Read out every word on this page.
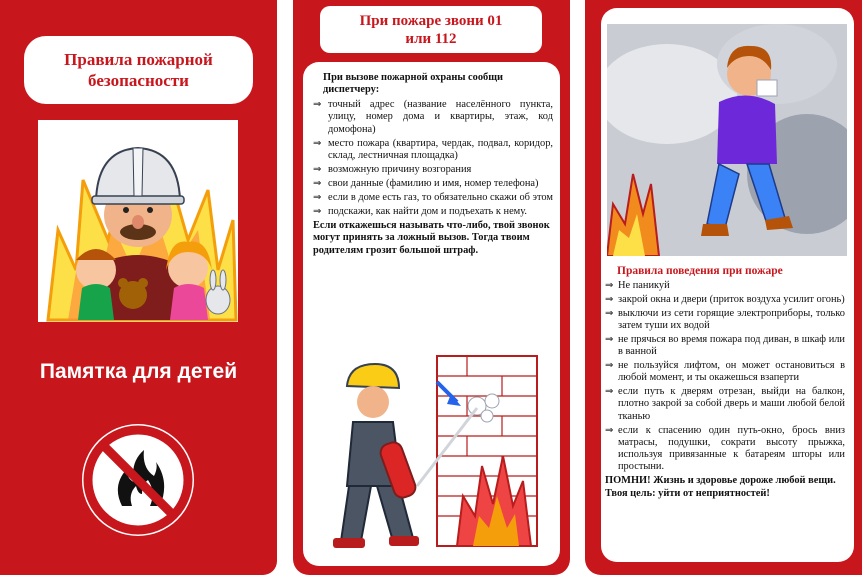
Правила пожарной
безопасности
Памятка для детей
При пожаре звони 01
или 112
При вызове пожарной охраны сообщи диспетчеру:
⇒ точный адрес (название населённого пункта, улицу, номер дома и квартиры, этаж, код домофона)
⇒ место пожара (квартира, чердак, подвал, коридор, склад, лестничная площадка)
⇒ возможную причину возгорания
⇒ свои данные (фамилию и имя, номер телефона)
⇒ если в доме есть газ, то обязательно скажи об этом
⇒ подскажи, как найти дом и подъехать к нему.
Если откажешься называть что-либо, твой звонок могут принять за ложный вызов. Тогда твоим родителям грозит большой штраф.
Правила поведения при пожаре
⇒ Не паникуй
⇒ закрой окна и двери (приток воздуха усилит огонь)
⇒ выключи из сети горящие электроприборы, только затем туши их водой
⇒ не прячься во время пожара под диван, в шкаф или в ванной
⇒ не пользуйся лифтом, он может остановиться в любой момент, и ты окажешься взаперти
⇒ если путь к дверям отрезан, выйди на балкон, плотно закрой за собой дверь и маши любой белой тканью
⇒ если к спасению один путь-окно, брось вниз матрасы, подушки, сократи высоту прыжка, используя привязанные к батареям шторы или простыни.
ПОМНИ! Жизнь и здоровье дороже любой вещи. Твоя цель: уйти от неприятностей!
